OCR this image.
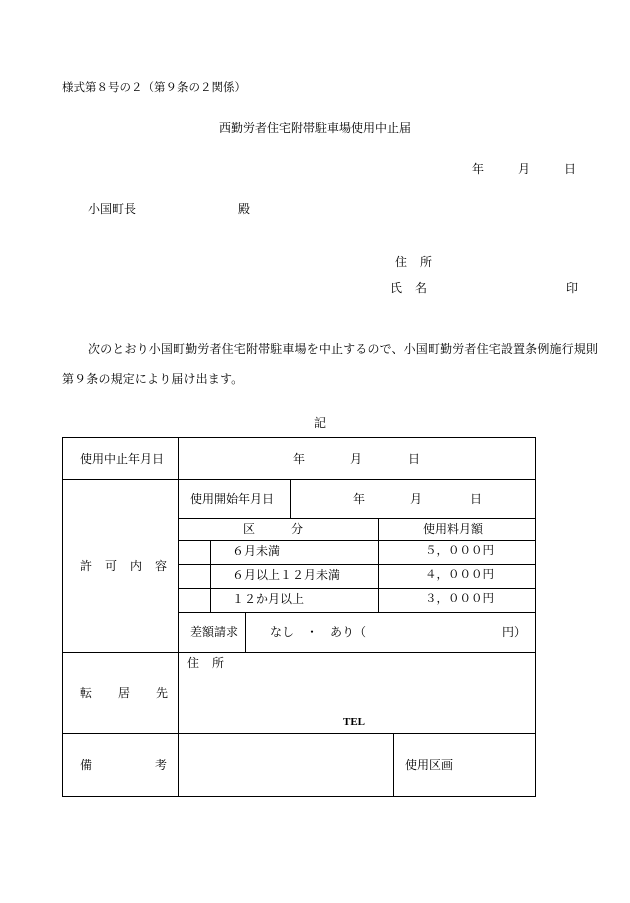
様式第８号の２（第９条の２関係）
西勤労者住宅附帯駐車場使用中止届
年	月	日
小国町長	殿
住　所
氏　名	印
次のとおり小国町勤労者住宅附帯駐車場を中止するので、小国町勤労者住宅設置条例施行規則
第９条の規定により届け出ます。
記
使用中止年月日	年	月	日
許　可　内　容
使用開始年月日	年	月	日
区　　　分	使用料月額
６月未満	５，０００円
６月以上１２月未満	４，０００円
１２か月以上	３，０００円
差額請求	なし　・　あり（	円）
転　居　先
住　所
TEL
備　　考	使用区画
